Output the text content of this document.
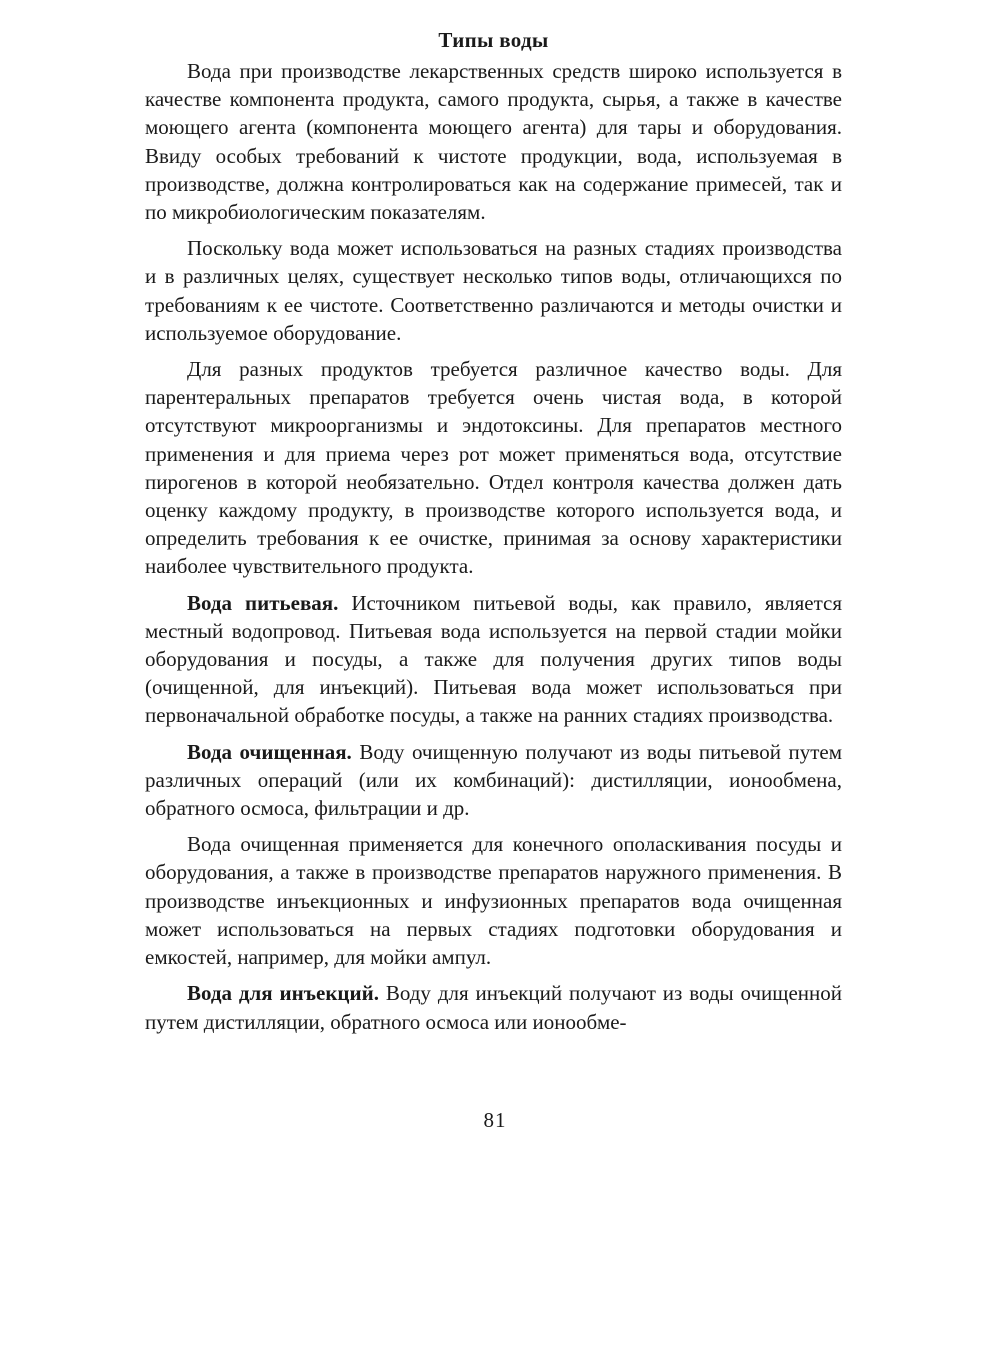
Типы воды

Вода при производстве лекарственных средств широко используется в качестве компонента продукта, самого продукта, сырья, а также в качестве моющего агента (компонента моющего агента) для тары и оборудования. Ввиду особых требований к чистоте продукции, вода, используемая в производстве, должна контролироваться как на содержание примесей, так и по микробиологическим показателям.

Поскольку вода может использоваться на разных стадиях производства и в различных целях, существует несколько типов воды, отличающихся по требованиям к ее чистоте. Соответственно различаются и методы очистки и используемое оборудование.

Для разных продуктов требуется различное качество воды. Для парентеральных препаратов требуется очень чистая вода, в которой отсутствуют микроорганизмы и эндотоксины. Для препаратов местного применения и для приема через рот может применяться вода, отсутствие пирогенов в которой необязательно. Отдел контроля качества должен дать оценку каждому продукту, в производстве которого используется вода, и определить требования к ее очистке, принимая за основу характеристики наиболее чувствительного продукта.

Вода питьевая. Источником питьевой воды, как правило, является местный водопровод. Питьевая вода используется на первой стадии мойки оборудования и посуды, а также для получения других типов воды (очищенной, для инъекций). Питьевая вода может использоваться при первоначальной обработке посуды, а также на ранних стадиях производства.

Вода очищенная. Воду очищенную получают из воды питьевой путем различных операций (или их комбинаций): дистилляции, ионообмена, обратного осмоса, фильтрации и др.

Вода очищенная применяется для конечного ополаскивания посуды и оборудования, а также в производстве препаратов наружного применения. В производстве инъекционных и инфузионных препаратов вода очищенная может использоваться на первых стадиях подготовки оборудования и емкостей, например, для мойки ампул.

Вода для инъекций. Воду для инъекций получают из воды очищенной путем дистилляции, обратного осмоса или ионообме-

81
